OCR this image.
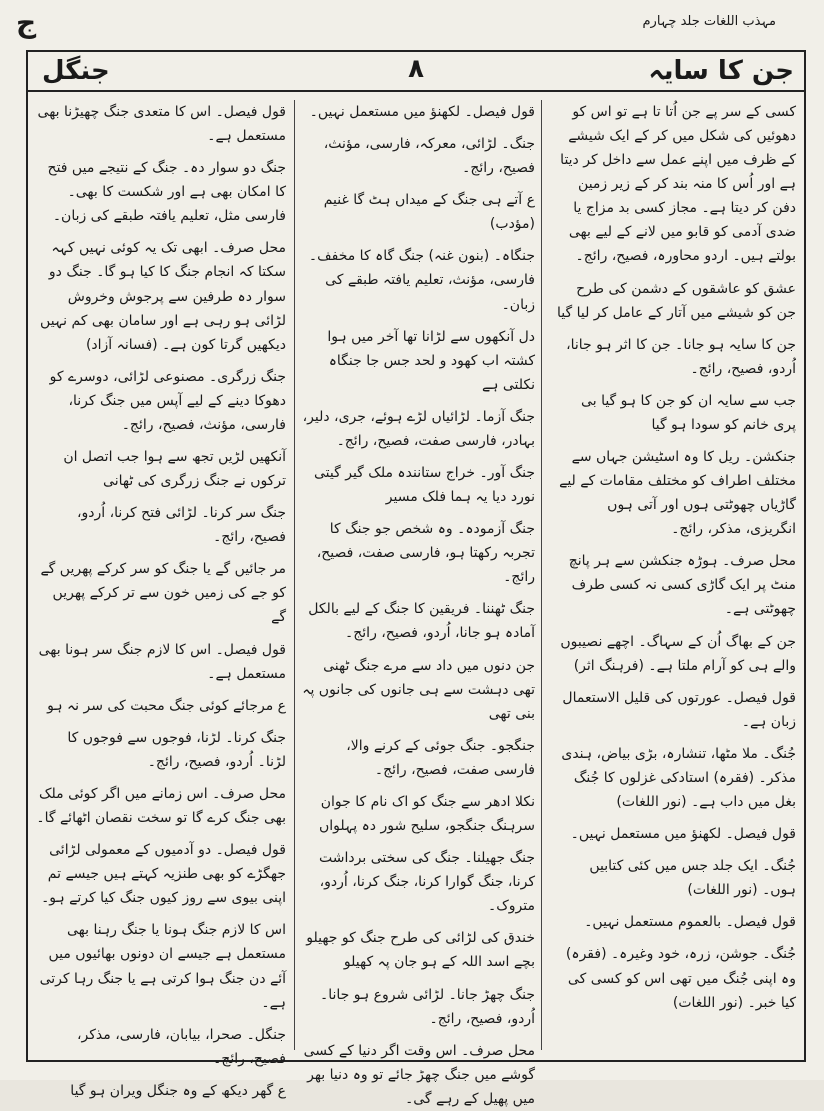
ج	مہذب اللغات جلد چہارم
جن کا سایہ
۸
جنگل

کسی کے سر پے جن اُتا تا ہے تو اس کو دھوئیں کی شکل میں کر کے ایک شیشے کے ظرف میں اپنے عمل سے داخل کر دیتا ہے اور اُس کا منہ بند کر کے زیر زمین دفن کر دیتا ہے۔ مجاز کسی بد مزاج یا ضدی آدمی کو قابو میں لانے کے لیے بھی بولتے ہیں۔ اردو محاورہ، فصیح، رائج۔

عشق کو عاشقوں کے دشمن کی طرح جن کو شیشے میں آتار کے عامل کر لیا گیا

جن کا سایہ ہو جانا۔ جن کا اثر ہو جانا، اُردو، فصیح، رائج۔

جب سے سایہ ان کو جن کا ہو گیا بی پری خانم کو سودا ہو گیا

جنکشن۔ ریل کا وہ اسٹیشن جہاں سے مختلف اطراف کو مختلف مقامات کے لیے گاڑیاں چھوٹتی ہوں اور آتی ہوں انگریزی، مذکر، رائج۔

محل صرف۔ ہوڑہ جنکشن سے ہر پانچ منٹ پر ایک گاڑی کسی نہ کسی طرف چھوٹتی ہے۔

جن کے بھاگ اُن کے سہاگ۔ اچھے نصیبوں والے ہی کو آرام ملتا ہے۔ (فرہنگ اثر)

قول فیصل۔ عورتوں کی قلیل الاستعمال زبان ہے۔

جُنگ۔ ملا مٹھا، تنشارہ، بڑی بیاض، ہندی مذکر۔ (فقرہ) استادکی غزلوں کا جُنگ بغل میں داب ہے۔ (نور اللغات)

قول فیصل۔ لکھنؤ میں مستعمل نہیں۔

جُنگ۔ ایک جلد جس میں کئی کتابیں ہوں۔ (نور اللغات)

قول فیصل۔ بالعموم مستعمل نہیں۔

جُنگ۔ جوشن، زرہ، خود وغیرہ۔ (فقرہ) وہ اپنی جُنگ میں تھی اس کو کسی کی کیا خبر۔ (نور اللغات)

قول فیصل۔ لکھنؤ میں مستعمل نہیں۔

جنگ۔ لڑائی، معرکہ، فارسی، مؤنث، فصیح، رائج۔

ع آتے ہی جنگ کے میداں ہٹ گا غنیم (مؤدب)

جنگاہ۔ (بنون غنہ) جنگ گاہ کا مخفف۔ فارسی، مؤنث، تعلیم یافتہ طبقے کی زبان۔

دل آنکھوں سے لڑانا تھا آخر میں ہوا کشتہ اب کھود و لحد جس جا جنگاہ نکلتی ہے

جنگ آزما۔ لڑائیاں لڑے ہوئے، جری، دلیر، بہادر، فارسی صفت، فصیح، رائج۔

جنگ آور۔ خراج ستانندہ ملک گیر گیتی نورد دیا یہ ہما فلک مسیر

جنگ آزمودہ۔ وہ شخص جو جنگ کا تجربہ رکھتا ہو، فارسی صفت، فصیح، رائج۔

جنگ ٹھننا۔ فریقین کا جنگ کے لیے بالکل آمادہ ہو جانا، اُردو، فصیح، رائج۔

جن دنوں میں داد سے مرے جنگ ٹھنی تھی دہشت سے ہی جانوں کی جانوں پہ بنی تھی

جنگجو۔ جنگ جوئی کے کرنے والا، فارسی صفت، فصیح، رائج۔

نکلا ادھر سے جنگ کو اک نام کا جوان سرہنگ جنگجو، سلیح شور دہ پہلواں

جنگ جھیلنا۔ جنگ کی سختی برداشت کرنا، جنگ گوارا کرنا، جنگ کرنا، اُردو، متروک۔

خندق کی لڑائی کی طرح جنگ کو جھیلو بچے اسد اللہ کے ہو جان پہ کھیلو

جنگ چھڑ جانا۔ لڑائی شروع ہو جانا۔ اُردو، فصیح، رائج۔

محل صرف۔ اس وقت اگر دنیا کے کسی گوشے میں جنگ چھڑ جائے تو وہ دنیا بھر میں پھیل کے رہے گی۔

قول فیصل۔ اس کا متعدی جنگ چھیڑنا بھی مستعمل ہے۔

جنگ دو سوار دہ۔ جنگ کے نتیجے میں فتح کا امکان بھی ہے اور شکست کا بھی۔ فارسی مثل، تعلیم یافتہ طبقے کی زبان۔

محل صرف۔ ابھی تک یہ کوئی نہیں کہہ سکتا کہ انجام جنگ کا کیا ہو گا۔ جنگ دو سوار دہ طرفین سے پرجوش وخروش لڑائی ہو رہی ہے اور سامان بھی کم نہیں دیکھیں گرتا کون ہے۔ (فسانہ آزاد)

جنگ زرگری۔ مصنوعی لڑائی، دوسرے کو دھوکا دینے کے لیے آپس میں جنگ کرنا، فارسی، مؤنث، فصیح، رائج۔

آنکھیں لڑیں تجھ سے ہوا جب اتصل ان ترکوں نے جنگ زرگری کی ٹھانی

جنگ سر کرنا۔ لڑائی فتح کرنا، اُردو، فصیح، رائج۔

مر جائیں گے یا جنگ کو سر کرکے پھریں گے کو جے کی زمیں خون سے تر کرکے پھریں گے

قول فیصل۔ اس کا لازم جنگ سر ہونا بھی مستعمل ہے۔

ع مرجائے کوئی جنگ محبت کی سر نہ ہو

جنگ کرنا۔ لڑنا، فوجوں سے فوجوں کا لڑنا۔ اُردو، فصیح، رائج۔

محل صرف۔ اس زمانے میں اگر کوئی ملک بھی جنگ کرے گا تو سخت نقصان اٹھائے گا۔

قول فیصل۔ دو آدمیوں کے معمولی لڑائی جھگڑے کو بھی طنزیہ کہتے ہیں جیسے تم اپنی بیوی سے روز کیوں جنگ کیا کرتے ہو۔

اس کا لازم جنگ ہونا یا جنگ رہنا بھی مستعمل ہے جیسے ان دونوں بھائیوں میں آئے دن جنگ ہوا کرتی ہے یا جنگ رہا کرتی ہے۔

جنگل۔ صحرا، بیابان، فارسی، مذکر، فصیح، رائج۔

ع گھر دیکھ کے وہ جنگل ویران ہو گیا
